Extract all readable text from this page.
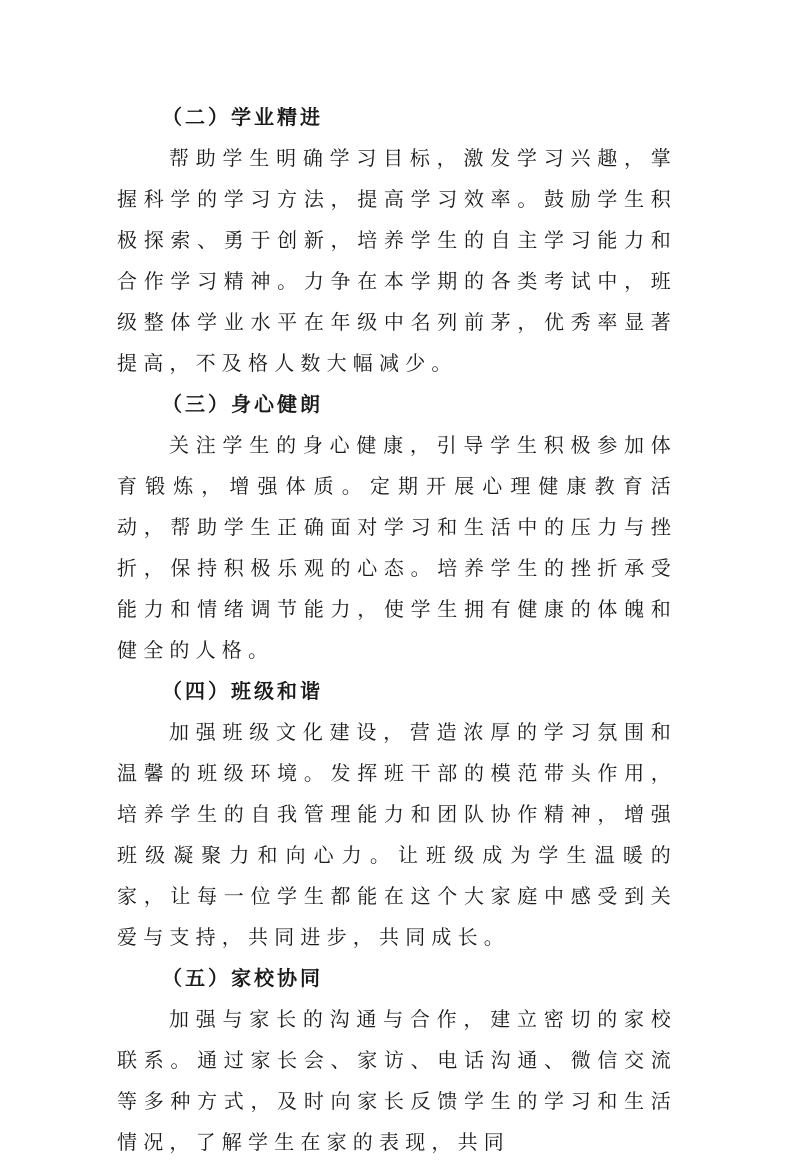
（二）学业精进

帮助学生明确学习目标，激发学习兴趣，掌握科学的学习方法，提高学习效率。鼓励学生积极探索、勇于创新，培养学生的自主学习能力和合作学习精神。力争在本学期的各类考试中，班级整体学业水平在年级中名列前茅，优秀率显著提高，不及格人数大幅减少。

（三）身心健朗

关注学生的身心健康，引导学生积极参加体育锻炼，增强体质。定期开展心理健康教育活动，帮助学生正确面对学习和生活中的压力与挫折，保持积极乐观的心态。培养学生的挫折承受能力和情绪调节能力，使学生拥有健康的体魄和健全的人格。

（四）班级和谐

加强班级文化建设，营造浓厚的学习氛围和温馨的班级环境。发挥班干部的模范带头作用，培养学生的自我管理能力和团队协作精神，增强班级凝聚力和向心力。让班级成为学生温暖的家，让每一位学生都能在这个大家庭中感受到关爱与支持，共同进步，共同成长。

（五）家校协同

加强与家长的沟通与合作，建立密切的家校联系。通过家长会、家访、电话沟通、微信交流等多种方式，及时向家长反馈学生的学习和生活情况，了解学生在家的表现，共同
